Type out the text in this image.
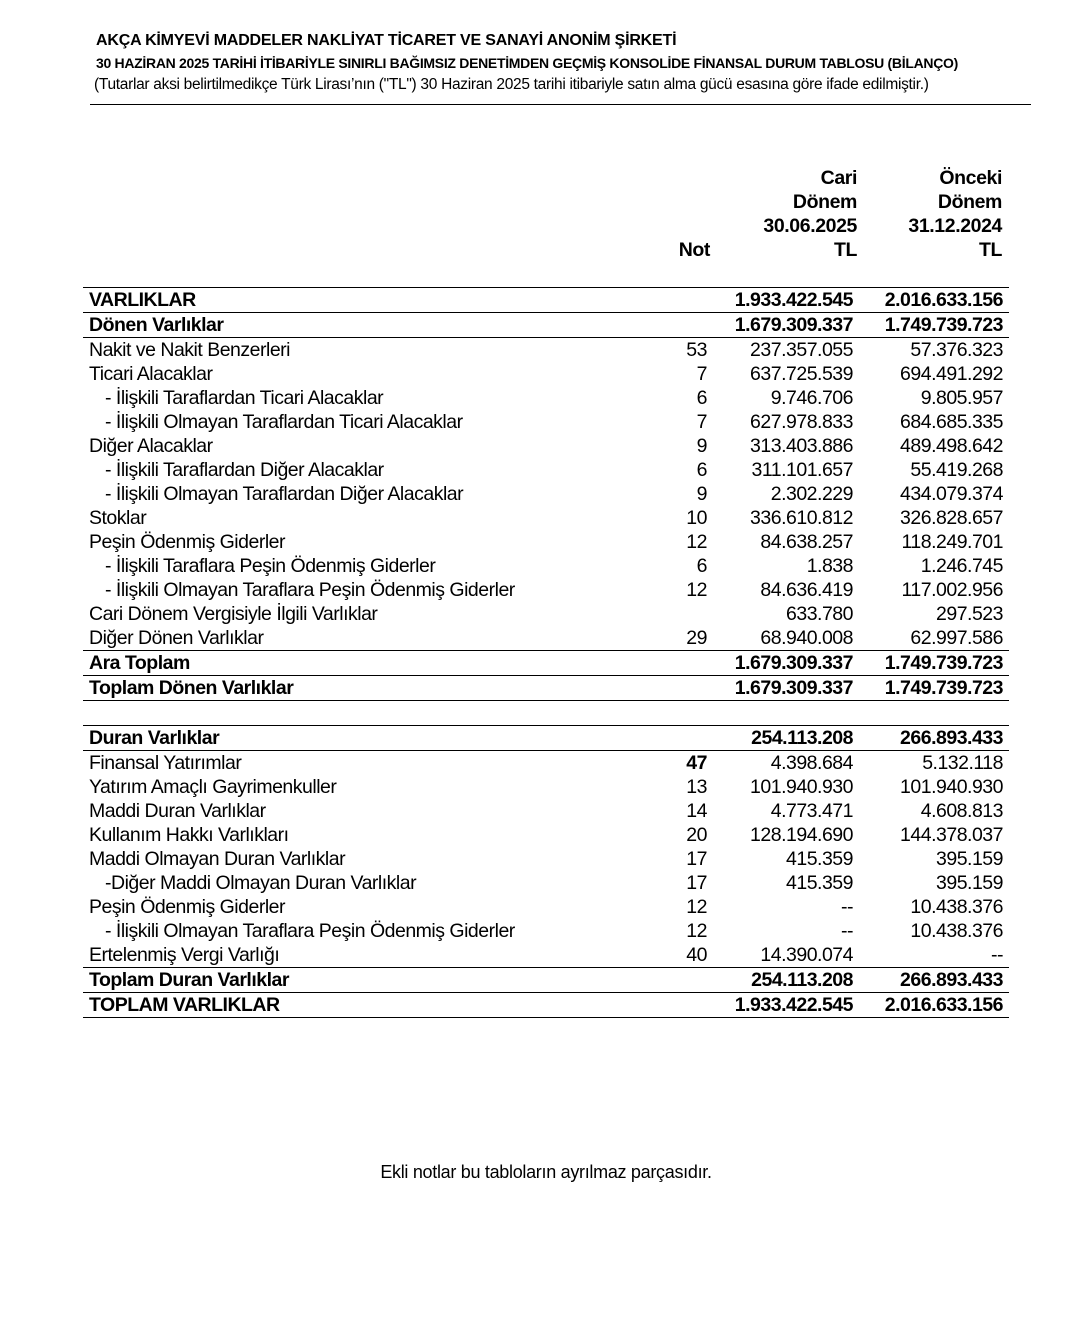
AKÇA KİMYEVİ MADDELER NAKLİYAT TİCARET VE SANAYİ ANONİM ŞİRKETİ
30 HAZİRAN 2025 TARİHİ İTİBARİYLE SINIRLI BAĞIMSIZ DENETİMDEN GEÇMİŞ KONSOLİDE FİNANSAL DURUM TABLOSU (BİLANÇO)
(Tutarlar aksi belirtilmedikçe Türk Lirası’nın ("TL") 30 Haziran 2025 tarihi itibariyle satın alma gücü esasına göre ifade edilmiştir.)
Not
Cari
Dönem
30.06.2025
TL
Önceki
Dönem
31.12.2024
TL
VARLIKLAR		1.933.422.545	2.016.633.156
Dönen Varlıklar		1.679.309.337	1.749.739.723
Nakit ve Nakit Benzerleri	53	237.357.055	57.376.323
Ticari Alacaklar	7	637.725.539	694.491.292
- İlişkili Taraflardan Ticari Alacaklar	6	9.746.706	9.805.957
- İlişkili Olmayan Taraflardan Ticari Alacaklar	7	627.978.833	684.685.335
Diğer Alacaklar	9	313.403.886	489.498.642
- İlişkili Taraflardan Diğer Alacaklar	6	311.101.657	55.419.268
- İlişkili Olmayan Taraflardan Diğer Alacaklar	9	2.302.229	434.079.374
Stoklar	10	336.610.812	326.828.657
Peşin Ödenmiş Giderler	12	84.638.257	118.249.701
- İlişkili Taraflara Peşin Ödenmiş Giderler	6	1.838	1.246.745
- İlişkili Olmayan Taraflara Peşin Ödenmiş Giderler	12	84.636.419	117.002.956
Cari Dönem Vergisiyle İlgili Varlıklar		633.780	297.523
Diğer Dönen Varlıklar	29	68.940.008	62.997.586
Ara Toplam		1.679.309.337	1.749.739.723
Toplam Dönen Varlıklar		1.679.309.337	1.749.739.723

Duran Varlıklar		254.113.208	266.893.433
Finansal Yatırımlar	47	4.398.684	5.132.118
Yatırım Amaçlı Gayrimenkuller	13	101.940.930	101.940.930
Maddi Duran Varlıklar	14	4.773.471	4.608.813
Kullanım Hakkı Varlıkları	20	128.194.690	144.378.037
Maddi Olmayan Duran Varlıklar	17	415.359	395.159
-Diğer Maddi Olmayan Duran Varlıklar	17	415.359	395.159
Peşin Ödenmiş Giderler	12	--	10.438.376
- İlişkili Olmayan Taraflara Peşin Ödenmiş Giderler	12	--	10.438.376
Ertelenmiş Vergi Varlığı	40	14.390.074	--
Toplam Duran Varlıklar		254.113.208	266.893.433
TOPLAM VARLIKLAR		1.933.422.545	2.016.633.156
Ekli notlar bu tabloların ayrılmaz parçasıdır.
